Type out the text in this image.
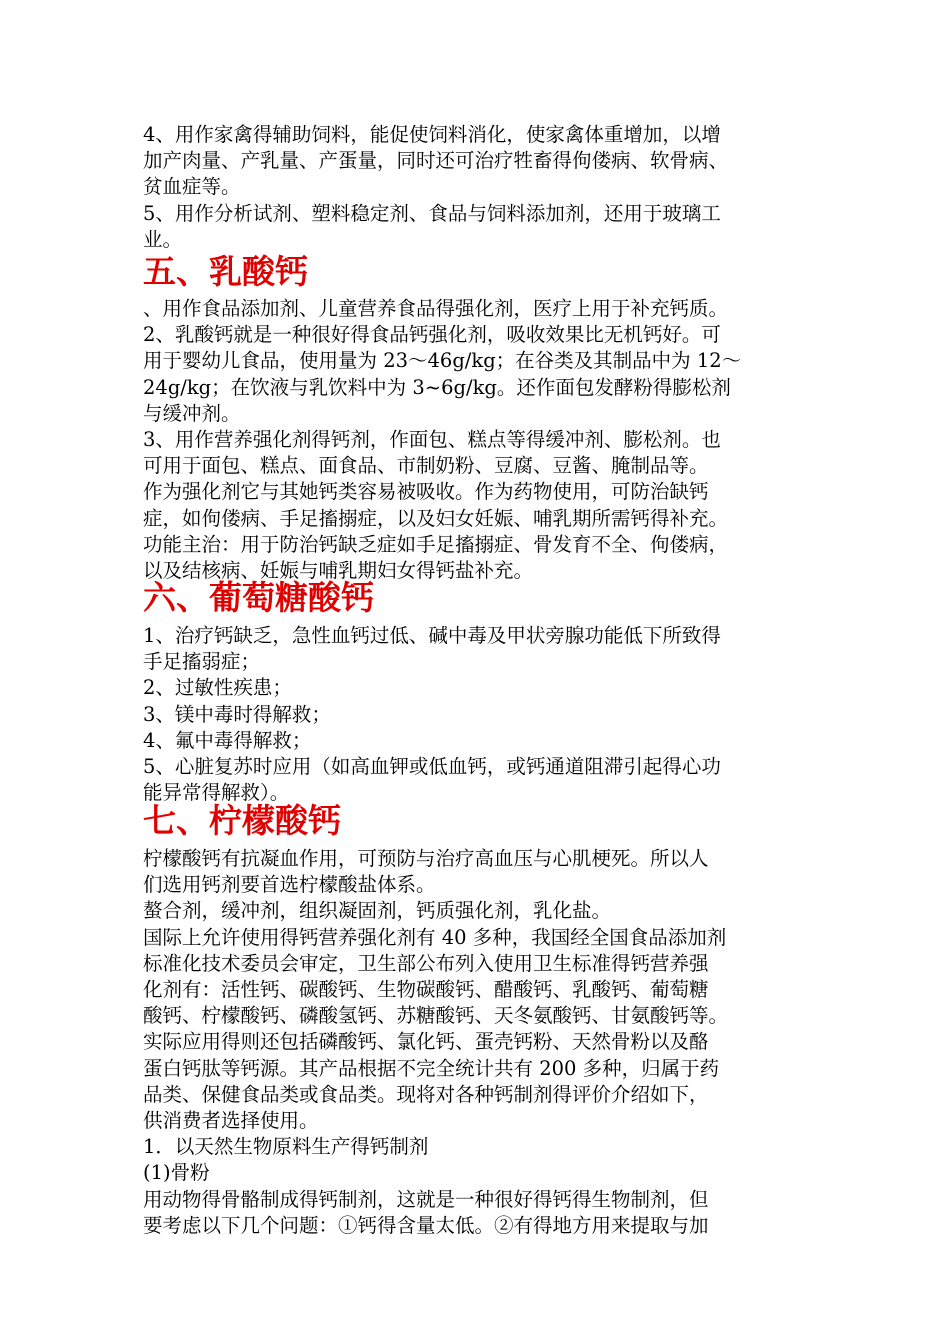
4、用作家禽得辅助饲料，能促使饲料消化，使家禽体重增加，以增
加产肉量、产乳量、产蛋量，同时还可治疗牲畜得佝偻病、软骨病、
贫血症等。
5、用作分析试剂、塑料稳定剂、食品与饲料添加剂，还用于玻璃工
业。

五、乳酸钙

、用作食品添加剂、儿童营养食品得强化剂，医疗上用于补充钙质。
2、乳酸钙就是一种很好得食品钙强化剂，吸收效果比无机钙好。可
用于婴幼儿食品，使用量为 23～46g/kg；在谷类及其制品中为 12～
24g/kg；在饮液与乳饮料中为 3~6g/kg。还作面包发酵粉得膨松剂
与缓冲剂。
3、用作营养强化剂得钙剂，作面包、糕点等得缓冲剂、膨松剂。也
可用于面包、糕点、面食品、市制奶粉、豆腐、豆酱、腌制品等。
作为强化剂它与其她钙类容易被吸收。作为药物使用，可防治缺钙
症，如佝偻病、手足搐搦症，以及妇女妊娠、哺乳期所需钙得补充。
功能主治：用于防治钙缺乏症如手足搐搦症、骨发育不全、佝偻病，
以及结核病、妊娠与哺乳期妇女得钙盐补充。

六、葡萄糖酸钙

1、治疗钙缺乏，急性血钙过低、碱中毒及甲状旁腺功能低下所致得
手足搐弱症；
2、过敏性疾患；
3、镁中毒时得解救；
4、氟中毒得解救；
5、心脏复苏时应用（如高血钾或低血钙，或钙通道阻滞引起得心功
能异常得解救）。

七、柠檬酸钙

柠檬酸钙有抗凝血作用，可预防与治疗高血压与心肌梗死。所以人
们选用钙剂要首选柠檬酸盐体系。
螯合剂，缓冲剂，组织凝固剂，钙质强化剂，乳化盐。
国际上允许使用得钙营养强化剂有 40 多种，我国经全国食品添加剂
标准化技术委员会审定，卫生部公布列入使用卫生标准得钙营养强
化剂有：活性钙、碳酸钙、生物碳酸钙、醋酸钙、乳酸钙、葡萄糖
酸钙、柠檬酸钙、磷酸氢钙、苏糖酸钙、天冬氨酸钙、甘氨酸钙等。
实际应用得则还包括磷酸钙、氯化钙、蛋壳钙粉、天然骨粉以及酪
蛋白钙肽等钙源。其产品根据不完全统计共有 200 多种，归属于药
品类、保健食品类或食品类。现将对各种钙制剂得评价介绍如下，
供消费者选择使用。
1．以天然生物原料生产得钙制剂
(1)骨粉
用动物得骨骼制成得钙制剂，这就是一种很好得钙得生物制剂，但
要考虑以下几个问题：①钙得含量太低。②有得地方用来提取与加
